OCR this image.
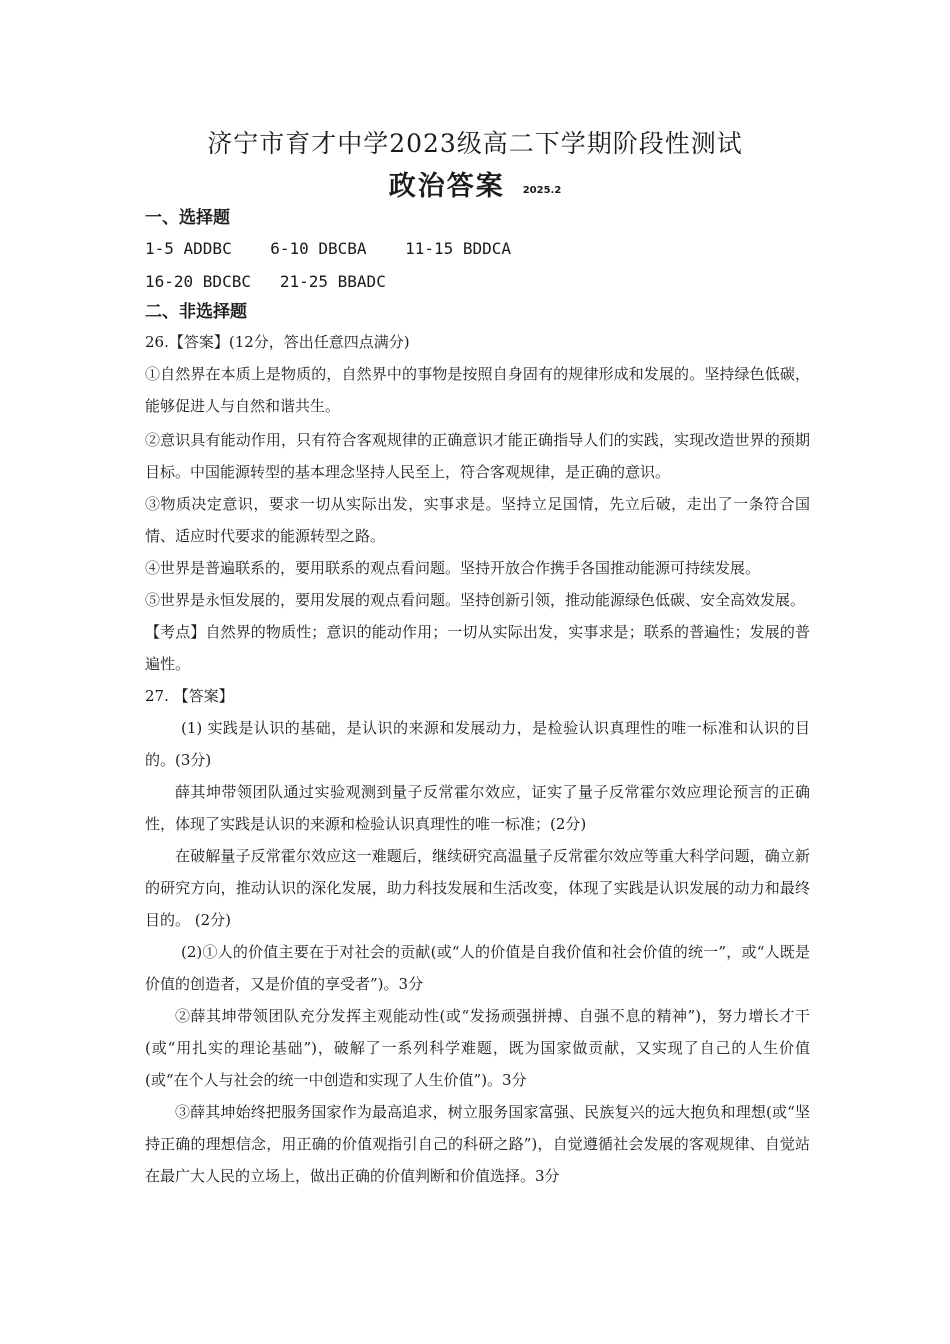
济宁市育才中学2023级高二下学期阶段性测试
政治答案 2025.2

一、选择题

1-5 ADDBC    6-10 DBCBA    11-15 BDDCA

16-20 BDCBC   21-25 BBADC

二、非选择题

26.【答案】(12分，答出任意四点满分)

①自然界在本质上是物质的，自然界中的事物是按照自身固有的规律形成和发展的。坚持绿色低碳，能够促进人与自然和谐共生。

②意识具有能动作用，只有符合客观规律的正确意识才能正确指导人们的实践，实现改造世界的预期目标。中国能源转型的基本理念坚持人民至上，符合客观规律，是正确的意识。

③物质决定意识，要求一切从实际出发，实事求是。坚持立足国情，先立后破，走出了一条符合国情、适应时代要求的能源转型之路。

④世界是普遍联系的，要用联系的观点看问题。坚持开放合作携手各国推动能源可持续发展。

⑤世界是永恒发展的，要用发展的观点看问题。坚持创新引领，推动能源绿色低碳、安全高效发展。

【考点】自然界的物质性；意识的能动作用；一切从实际出发，实事求是；联系的普遍性；发展的普遍性。

27. 【答案】

(1) 实践是认识的基础，是认识的来源和发展动力，是检验认识真理性的唯一标准和认识的目的。(3分)

薛其坤带领团队通过实验观测到量子反常霍尔效应，证实了量子反常霍尔效应理论预言的正确性，体现了实践是认识的来源和检验认识真理性的唯一标准；(2分)

在破解量子反常霍尔效应这一难题后，继续研究高温量子反常霍尔效应等重大科学问题，确立新的研究方向，推动认识的深化发展，助力科技发展和生活改变，体现了实践是认识发展的动力和最终目的。 (2分)

(2)①人的价值主要在于对社会的贡献(或“人的价值是自我价值和社会价值的统一”，或“人既是价值的创造者，又是价值的享受者”)。3分

②薛其坤带领团队充分发挥主观能动性(或“发扬顽强拼搏、自强不息的精神”)，努力增长才干(或“用扎实的理论基础”)，破解了一系列科学难题，既为国家做贡献，又实现了自己的人生价值(或“在个人与社会的统一中创造和实现了人生价值”)。3分

③薛其坤始终把服务国家作为最高追求，树立服务国家富强、民族复兴的远大抱负和理想(或“坚持正确的理想信念，用正确的价值观指引自己的科研之路”)，自觉遵循社会发展的客观规律、自觉站在最广大人民的立场上，做出正确的价值判断和价值选择。3分
